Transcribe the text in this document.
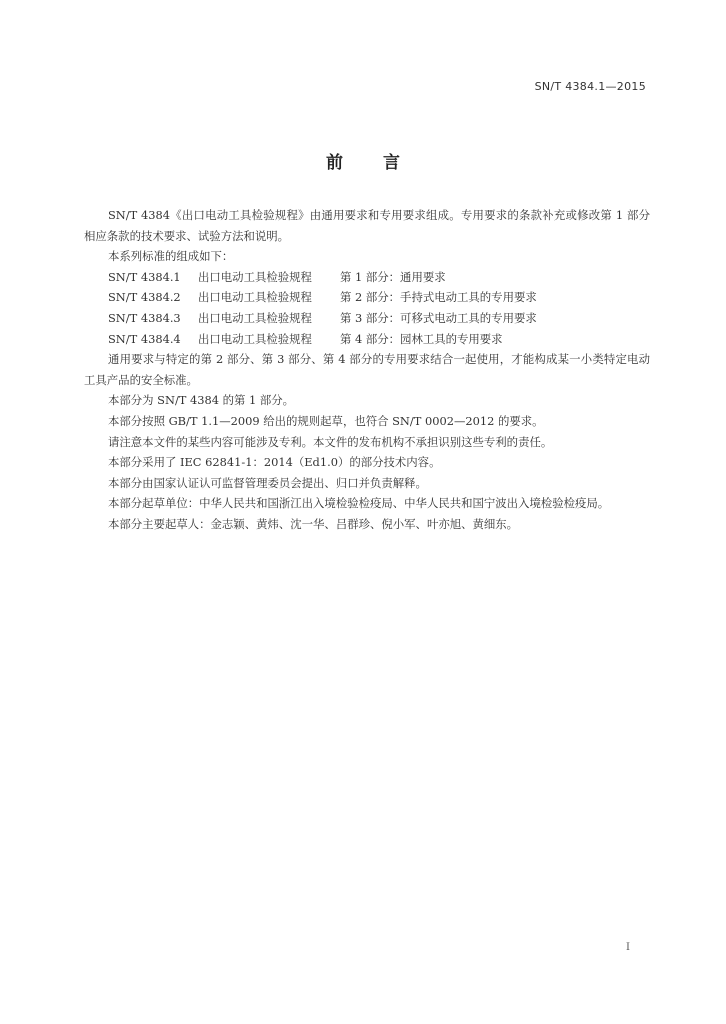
SN/T 4384.1—2015
前言

SN/T 4384《出口电动工具检验规程》由通用要求和专用要求组成。专用要求的条款补充或修改第 1 部分相应条款的技术要求、试验方法和说明。

本系列标准的组成如下：

SN/T 4384.1 出口电动工具检验规程 第 1 部分：通用要求

SN/T 4384.2 出口电动工具检验规程 第 2 部分：手持式电动工具的专用要求

SN/T 4384.3 出口电动工具检验规程 第 3 部分：可移式电动工具的专用要求

SN/T 4384.4 出口电动工具检验规程 第 4 部分：园林工具的专用要求

通用要求与特定的第 2 部分、第 3 部分、第 4 部分的专用要求结合一起使用，才能构成某一小类特定电动工具产品的安全标准。

本部分为 SN/T 4384 的第 1 部分。

本部分按照 GB/T 1.1—2009 给出的规则起草，也符合 SN/T 0002—2012 的要求。

请注意本文件的某些内容可能涉及专利。本文件的发布机构不承担识别这些专利的责任。

本部分采用了 IEC 62841-1：2014（Ed1.0）的部分技术内容。

本部分由国家认证认可监督管理委员会提出、归口并负责解释。

本部分起草单位：中华人民共和国浙江出入境检验检疫局、中华人民共和国宁波出入境检验检疫局。

本部分主要起草人：金志颖、黄炜、沈一华、吕群珍、倪小军、叶亦旭、黄细东。

I
